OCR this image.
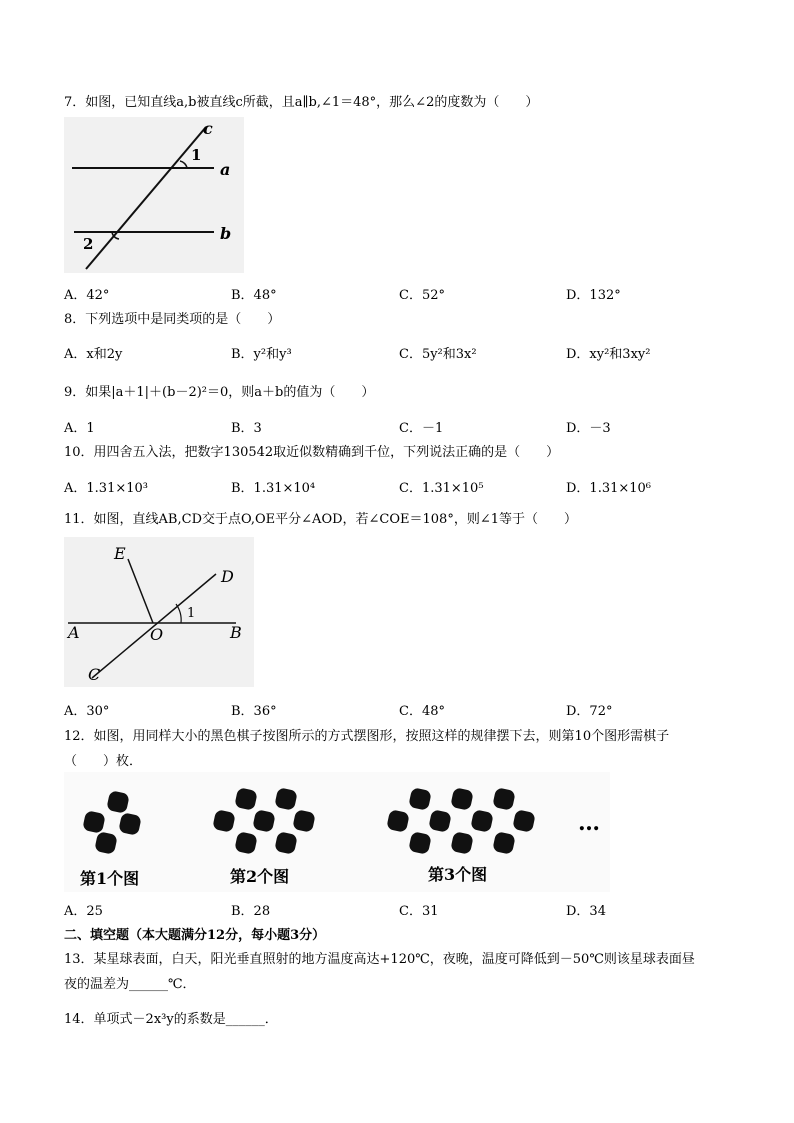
7．如图，已知直线a,b被直线c所截，且a∥b,∠1＝48°，那么∠2的度数为（　　）
c
a
b
1
2
A．42°	B．48°	C．52°	D．132°
8．下列选项中是同类项的是（　　）
A．x和2y	B．y²和y³	C．5y²和3x²	D．xy²和3xy²
9．如果|a＋1|＋(b－2)²＝0，则a＋b的值为（　　）
A．1	B．3	C．－1	D．－3
10．用四舍五入法，把数字130542取近似数精确到千位，下列说法正确的是（　　）
A．1.31×10³	B．1.31×10⁴	C．1.31×10⁵	D．1.31×10⁶
11．如图，直线AB,CD交于点O,OE平分∠AOD，若∠COE＝108°，则∠1等于（　　）
E
D
A	O	B
C
1
A．30°	B．36°	C．48°	D．72°
12．如图，用同样大小的黑色棋子按图所示的方式摆图形，按照这样的规律摆下去，则第10个图形需棋子
（　　）枚．
…
第1个图	第2个图	第3个图
A．25	B．28	C．31	D．34
二、填空题（本大题满分12分，每小题3分）
13．某星球表面，白天，阳光垂直照射的地方温度高达+120℃，夜晚，温度可降低到－50℃则该星球表面昼
夜的温差为______℃．
14．单项式－2x³y的系数是______．
